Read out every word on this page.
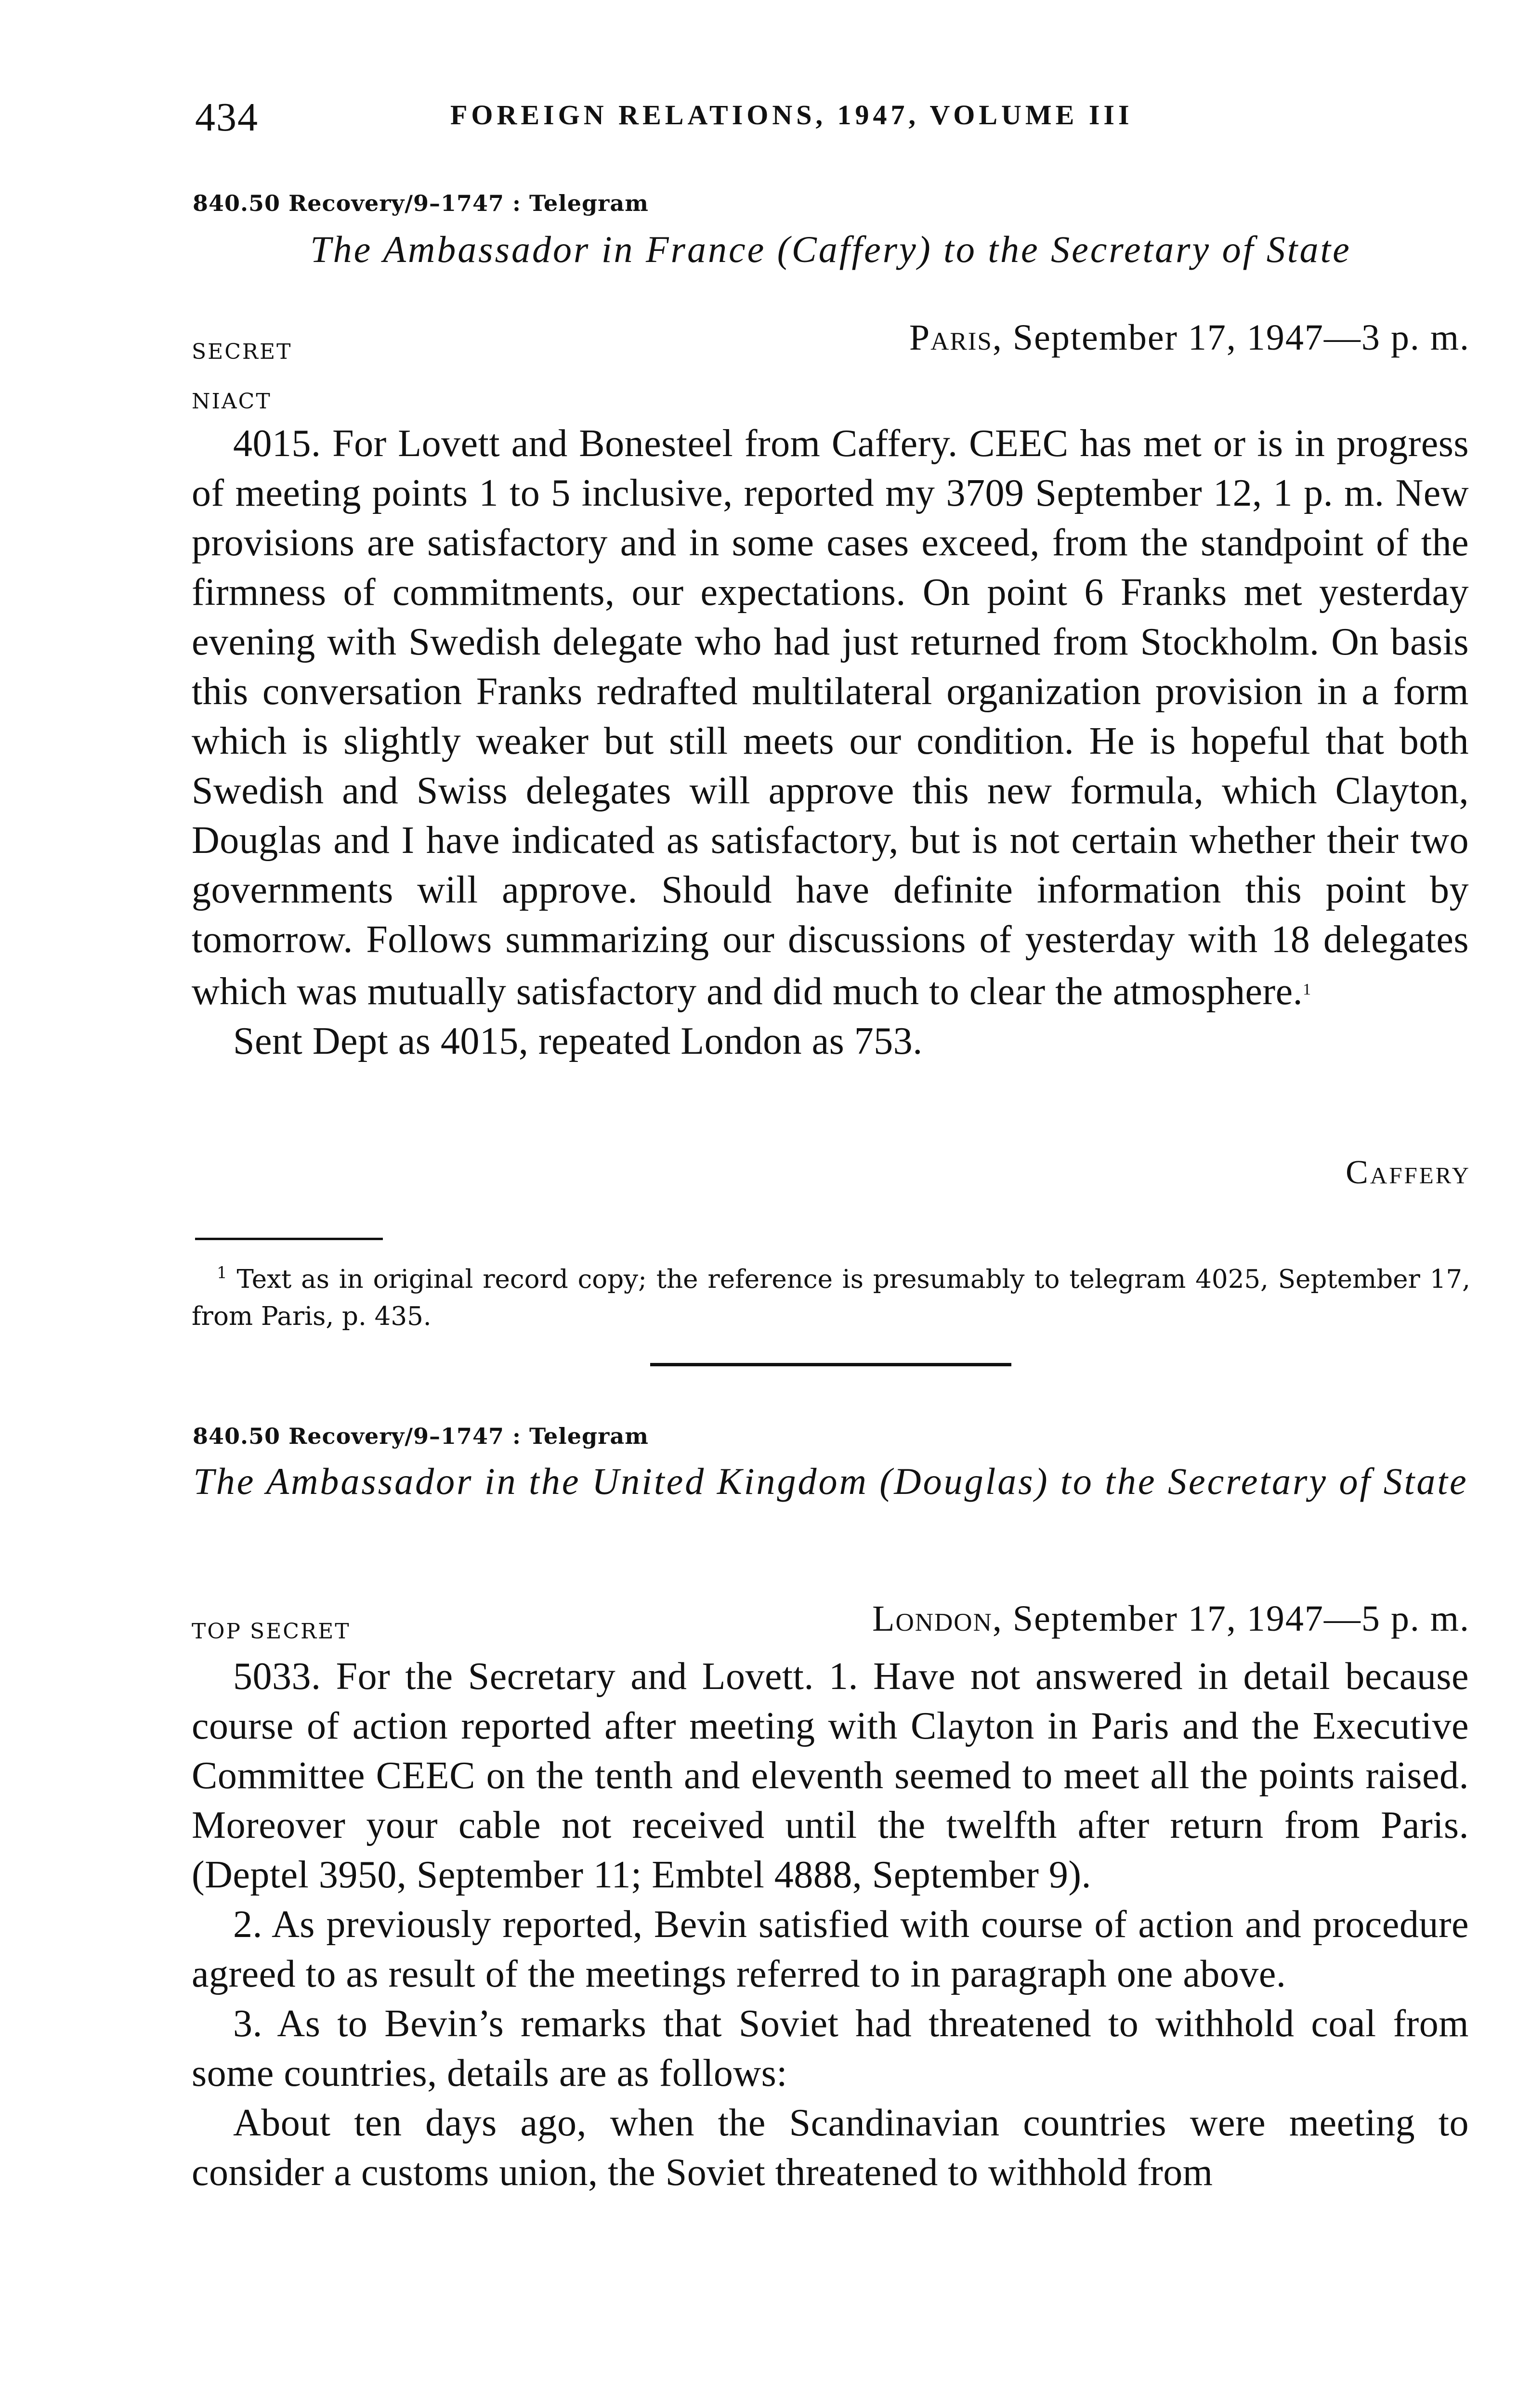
434	FOREIGN RELATIONS, 1947, VOLUME III
840.50 Recovery/9–1747 : Telegram
The Ambassador in France (Caffery) to the Secretary of State
SECRET	Paris, September 17, 1947—3 p. m.
NIACT

4015. For Lovett and Bonesteel from Caffery. CEEC has met or is in progress of meeting points 1 to 5 inclusive, reported my 3709 September 12, 1 p. m. New provisions are satisfactory and in some cases exceed, from the standpoint of the firmness of commitments, our expectations. On point 6 Franks met yesterday evening with Swedish delegate who had just returned from Stockholm. On basis this conversation Franks redrafted multilateral organization provision in a form which is slightly weaker but still meets our condition. He is hopeful that both Swedish and Swiss delegates will approve this new formula, which Clayton, Douglas and I have indicated as satisfactory, but is not certain whether their two governments will approve. Should have definite information this point by tomorrow. Follows summarizing our discussions of yesterday with 18 delegates which was mutually satisfactory and did much to clear the atmosphere.$^1$

Sent Dept as 4015, repeated London as 753.

Caffery

$^1$ Text as in original record copy; the reference is presumably to telegram 4025, September 17, from Paris, p. 435.

840.50 Recovery/9–1747 : Telegram
The Ambassador in the United Kingdom (Douglas) to the Secretary of State
TOP SECRET	London, September 17, 1947—5 p. m.

5033. For the Secretary and Lovett. 1. Have not answered in detail because course of action reported after meeting with Clayton in Paris and the Executive Committee CEEC on the tenth and eleventh seemed to meet all the points raised. Moreover your cable not received until the twelfth after return from Paris. (Deptel 3950, September 11; Embtel 4888, September 9).

2. As previously reported, Bevin satisfied with course of action and procedure agreed to as result of the meetings referred to in paragraph one above.

3. As to Bevin’s remarks that Soviet had threatened to withhold coal from some countries, details are as follows:

About ten days ago, when the Scandinavian countries were meeting to consider a customs union, the Soviet threatened to withhold from
